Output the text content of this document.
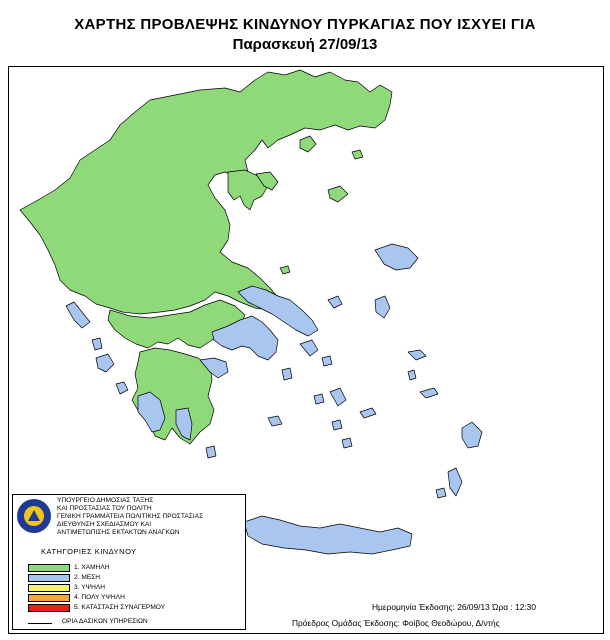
ΧΑΡΤΗΣ ΠΡΟΒΛΕΨΗΣ ΚΙΝΔΥΝΟΥ ΠΥΡΚΑΓΙΑΣ ΠΟΥ ΙΣΧΥΕΙ ΓΙΑ
Παρασκευή 27/09/13
ΥΠΟΥΡΓΕΙΟ ΔΗΜΟΣΙΑΣ ΤΑΞΗΣ
ΚΑΙ ΠΡΟΣΤΑΣΙΑΣ ΤΟΥ ΠΟΛΙΤΗ
ΓΕΝΙΚΗ ΓΡΑΜΜΑΤΕΙΑ ΠΟΛΙΤΙΚΗΣ ΠΡΟΣΤΑΣΙΑΣ
ΔΙΕΥΘΥΝΣΗ ΣΧΕΔΙΑΣΜΟΥ ΚΑΙ
ΑΝΤΙΜΕΤΩΠΙΣΗΣ ΕΚΤΑΚΤΩΝ ΑΝΑΓΚΩΝ
ΚΑΤΗΓΟΡΙΕΣ ΚΙΝΔΥΝΟΥ
1. ΧΑΜΗΛΗ
2. ΜΕΣΗ
3. ΥΨΗΛΗ
4. ΠΟΛΥ ΥΨΗΛΗ
5. ΚΑΤΑΣΤΑΣΗ ΣΥΝΑΓΕΡΜΟΥ
ΟΡΙΑ ΔΑΣΙΚΩΝ ΥΠΗΡΕΣΙΩΝ
Ημερομηνία Έκδοσης: 26/09/13 Ώρα : 12:30
Πρόεδρος Ομάδας Έκδοσης: Φοίβος Θεοδώρου, Δ/ντής
